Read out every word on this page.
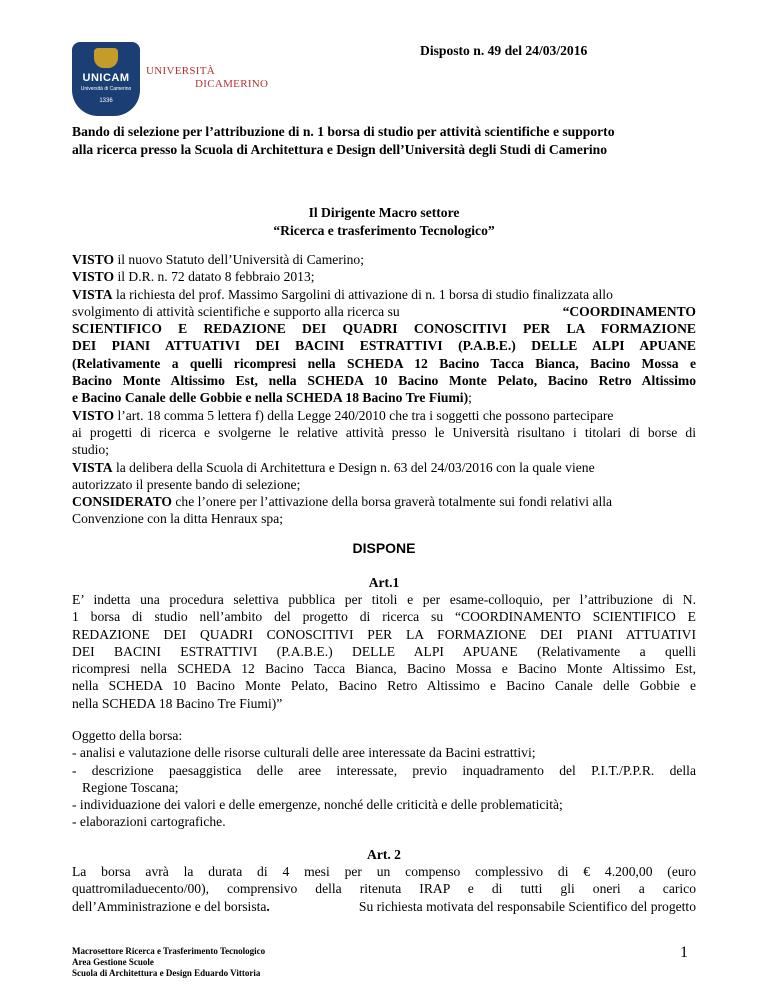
Disposto n. 49 del 24/03/2016
UNICAM
Università di Camerino
1336
UNIVERSITÀ
DICAMERINO
Bando di selezione per l’attribuzione di n. 1 borsa di studio per attività scientifiche e supporto
alla ricerca presso la Scuola di Architettura e Design dell’Università degli Studi di Camerino
Il Dirigente Macro settore
“Ricerca e trasferimento Tecnologico”
VISTO il nuovo Statuto dell’Università di Camerino;
VISTO il D.R. n. 72 datato 8 febbraio 2013;
VISTA la richiesta del prof. Massimo Sargolini di attivazione di n. 1 borsa di studio finalizzata allo
svolgimento di attività scientifiche e supporto alla ricerca su	“COORDINAMENTO
SCIENTIFICO E REDAZIONE DEI QUADRI CONOSCITIVI PER LA FORMAZIONE
DEI PIANI ATTUATIVI DEI BACINI ESTRATTIVI (P.A.B.E.) DELLE ALPI APUANE
(Relativamente a quelli ricompresi nella SCHEDA 12 Bacino Tacca Bianca, Bacino Mossa e
Bacino Monte Altissimo Est, nella SCHEDA 10 Bacino Monte Pelato, Bacino Retro Altissimo
e Bacino Canale delle Gobbie e nella SCHEDA 18 Bacino Tre Fiumi);
VISTO l’art. 18 comma 5 lettera f) della Legge 240/2010 che tra i soggetti che possono partecipare
ai progetti di ricerca e svolgerne le relative attività presso le Università risultano i titolari di borse di
studio;
VISTA la delibera della Scuola di Architettura e Design n. 63 del 24/03/2016 con la quale viene
autorizzato il presente bando di selezione;
CONSIDERATO che l’onere per l’attivazione della borsa graverà totalmente sui fondi relativi alla
Convenzione con la ditta Henraux spa;
DISPONE
Art.1
E’ indetta una procedura selettiva pubblica per titoli e per esame-colloquio, per l’attribuzione di N.
1 borsa di studio nell’ambito del progetto di ricerca su “COORDINAMENTO SCIENTIFICO E
REDAZIONE DEI QUADRI CONOSCITIVI PER LA FORMAZIONE DEI PIANI ATTUATIVI
DEI BACINI ESTRATTIVI (P.A.B.E.) DELLE ALPI APUANE (Relativamente a quelli
ricompresi nella SCHEDA 12 Bacino Tacca Bianca, Bacino Mossa e Bacino Monte Altissimo Est,
nella SCHEDA 10 Bacino Monte Pelato, Bacino Retro Altissimo e Bacino Canale delle Gobbie e
nella SCHEDA 18 Bacino Tre Fiumi)”
Oggetto della borsa:
- analisi e valutazione delle risorse culturali delle aree interessate da Bacini estrattivi;
- descrizione paesaggistica delle aree interessate, previo inquadramento del P.I.T./P.P.R. della
Regione Toscana;
- individuazione dei valori e delle emergenze, nonché delle criticità e delle problematicità;
- elaborazioni cartografiche.
Art. 2
La borsa avrà la durata di 4 mesi per un compenso complessivo di € 4.200,00 (euro
quattromiladuecento/00), comprensivo della ritenuta IRAP e di tutti gli oneri a carico
dell’Amministrazione e del borsista.	Su richiesta motivata del responsabile Scientifico del progetto
Macrosettore Ricerca e Trasferimento Tecnologico
Area Gestione Scuole
Scuola di Architettura e Design Eduardo Vittoria
1
